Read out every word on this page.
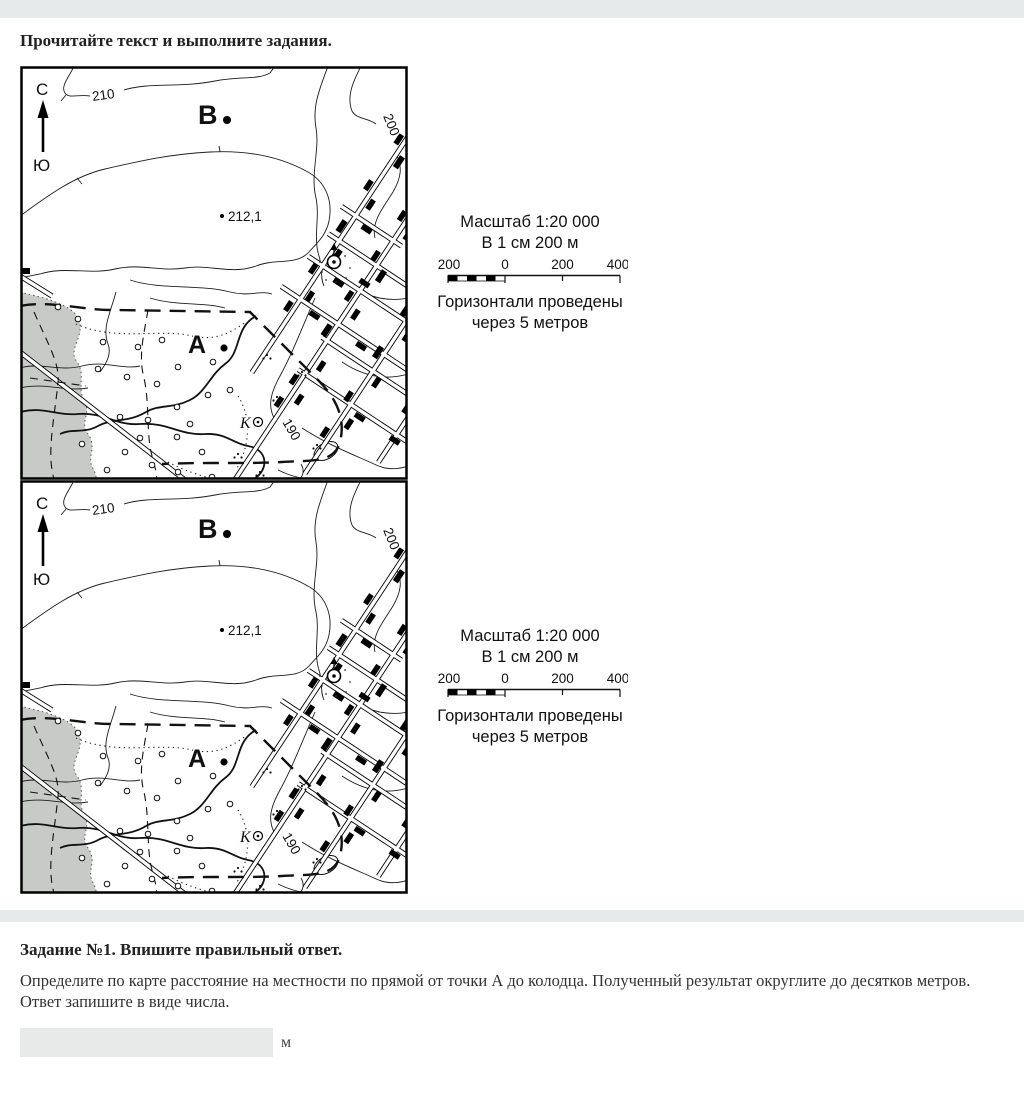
Прочитайте текст и выполните задания.
Масштаб 1:20 000
В 1 см 200 м
Горизонтали проведены
через 5 метров
Масштаб 1:20 000
В 1 см 200 м
Горизонтали проведены
через 5 метров
Задание №1. Впишите правильный ответ.

Определите по карте расстояние на местности по прямой от точки А до колодца. Полученный результат округлите до десятков метров. Ответ запишите в виде числа.

м
